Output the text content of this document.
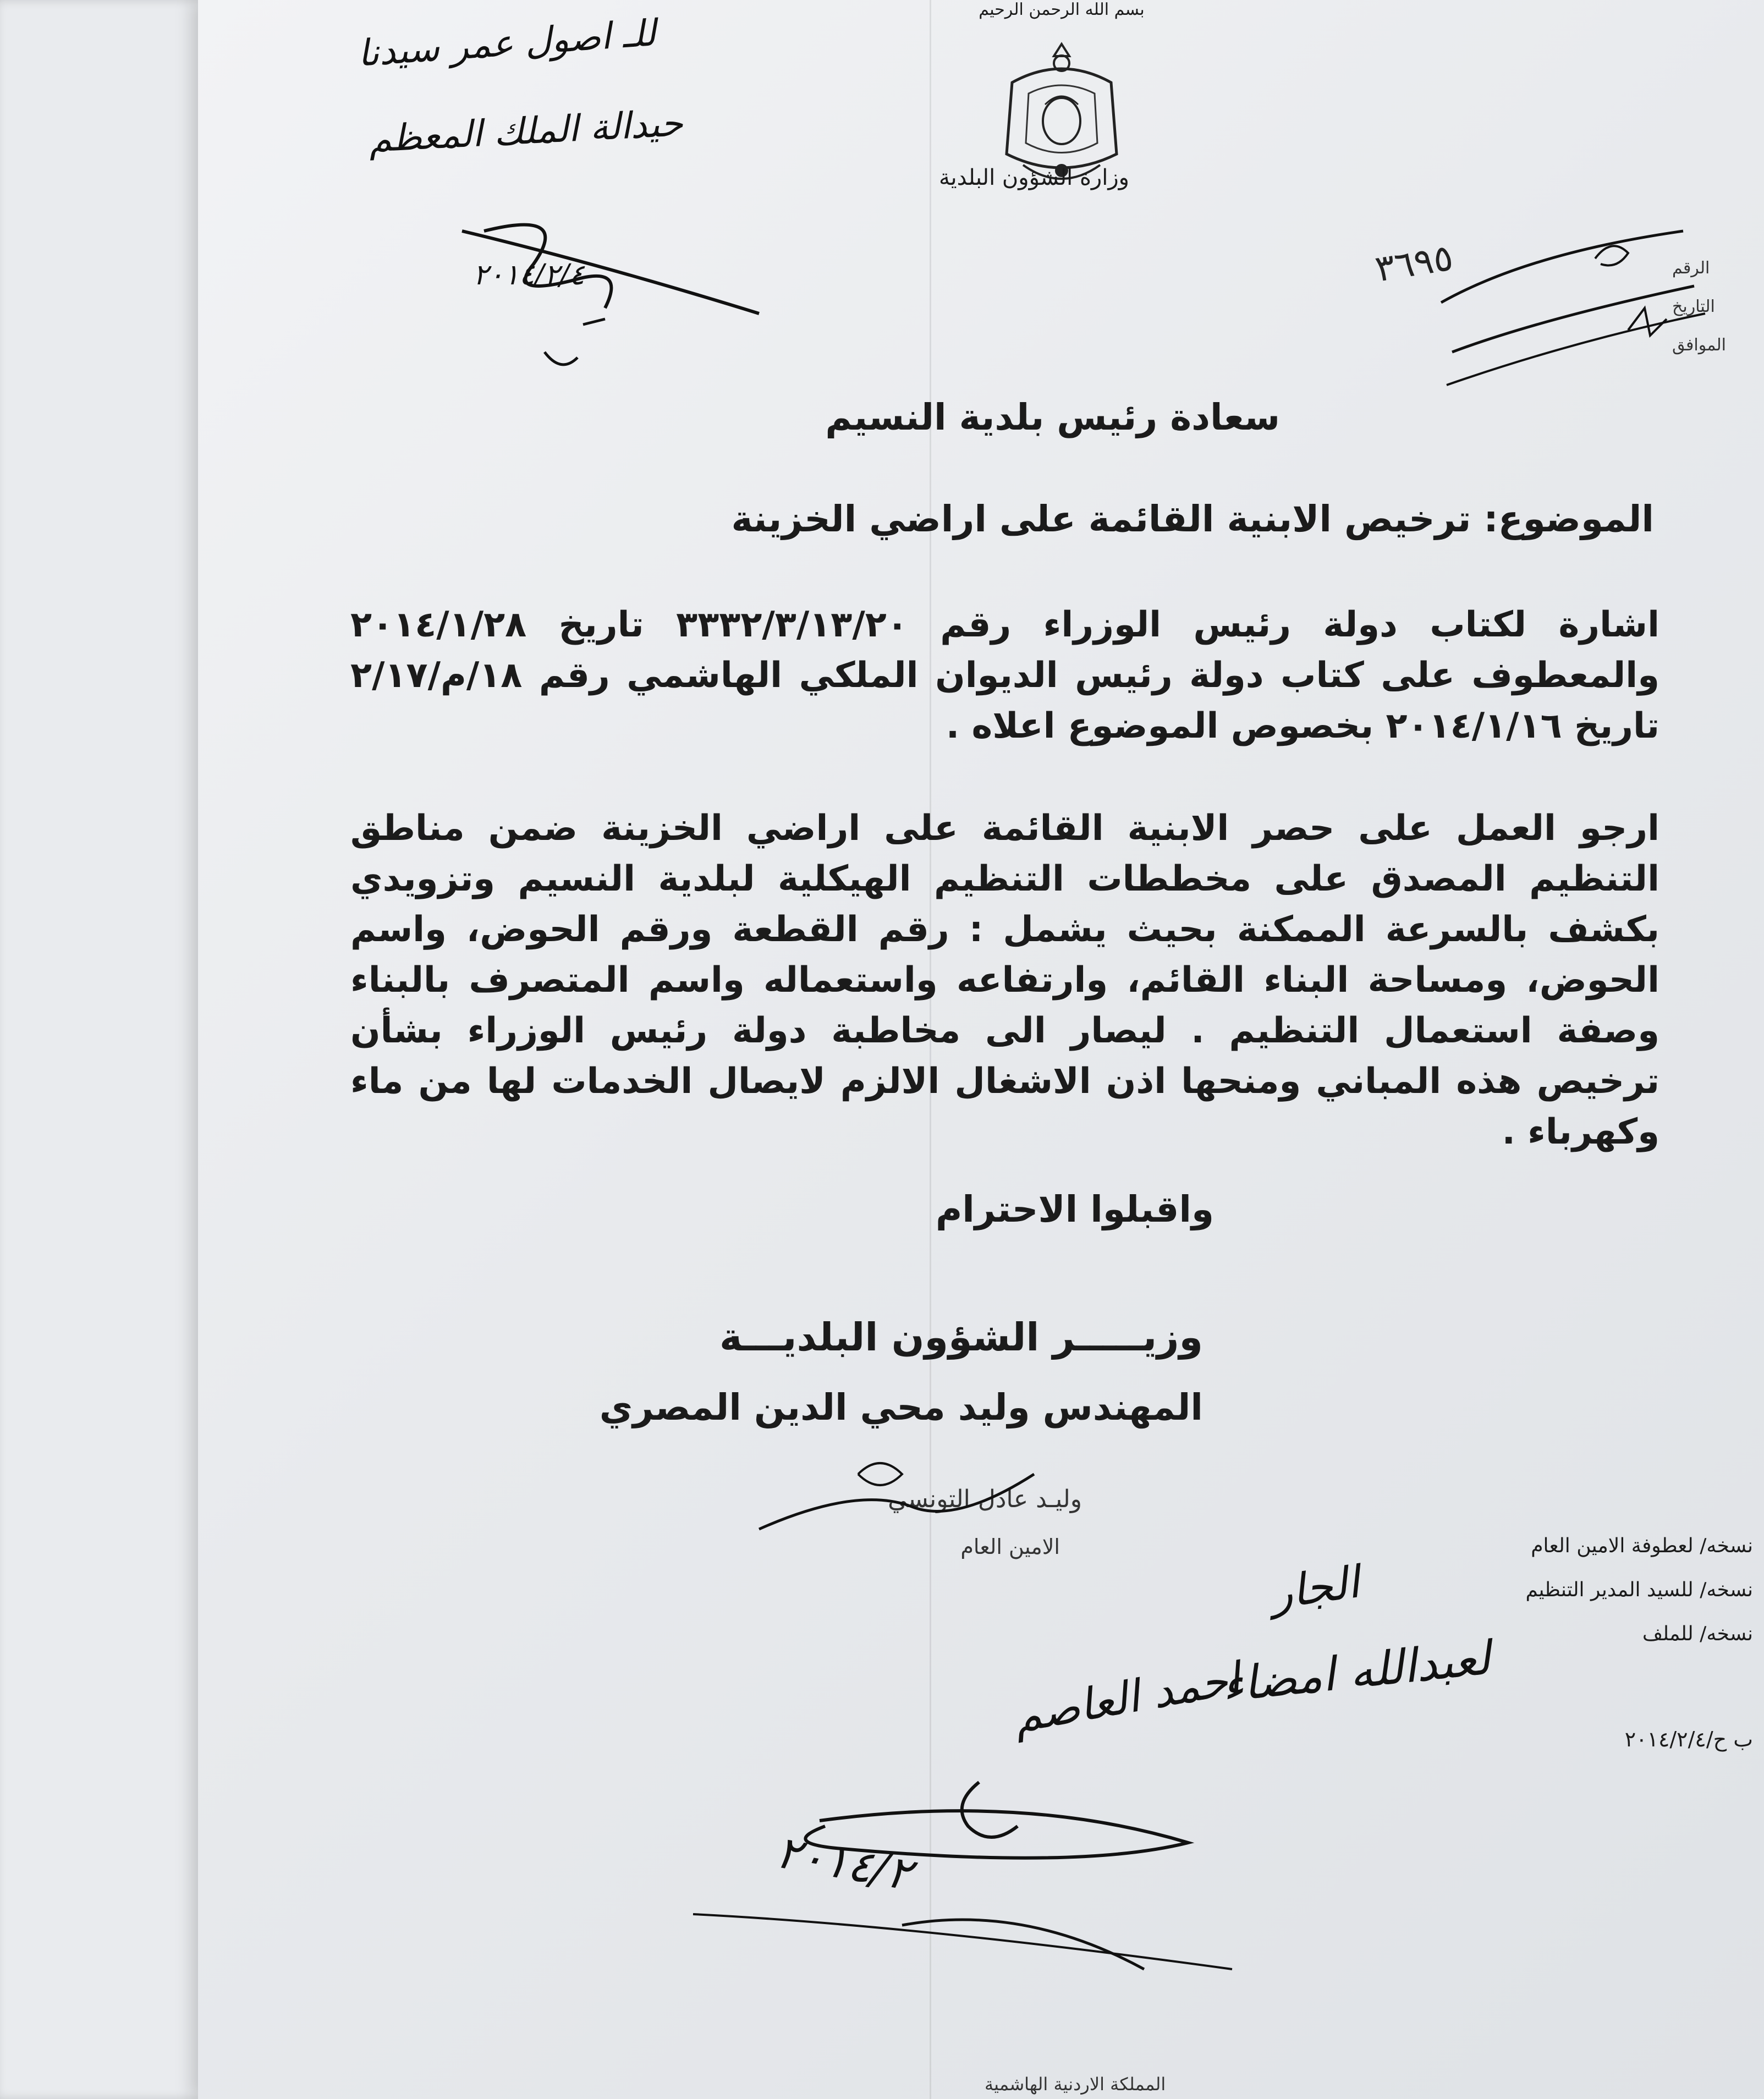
بسم الله الرحمن الرحيم
وزارة الشؤون البلدية
الرقم
التاريخ
الموافق
٣٦٩٥
للـ اصول عمر سيدنا
حيدالة الملك المعظم
٢٠١٤/٢/٤
سعادة رئيس بلدية النسيم
الموضوع: ترخيص الابنية القائمة على اراضي الخزينة
اشارة لكتاب دولة رئيس الوزراء رقم ٣٣٣٢/٣/١٣/٢٠ تاريخ ٢٠١٤/١/٢٨ والمعطوف على كتاب دولة رئيس الديوان الملكي الهاشمي رقم ١٨/م/٢/١٧ تاريخ ٢٠١٤/١/١٦ بخصوص الموضوع اعلاه .
ارجو العمل على حصر الابنية القائمة على اراضي الخزينة ضمن مناطق التنظيم المصدق على مخططات التنظيم الهيكلية لبلدية النسيم وتزويدي بكشف بالسرعة الممكنة بحيث يشمل : رقم القطعة ورقم الحوض، واسم الحوض، ومساحة البناء القائم، وارتفاعه واستعماله واسم المتصرف بالبناء وصفة استعمال التنظيم . ليصار الى مخاطبة دولة رئيس الوزراء بشأن ترخيص هذه المباني ومنحها اذن الاشغال الالزم لايصال الخدمات لها من ماء وكهرباء .
واقبلوا الاحترام
وزيـــــر الشؤون البلديـــة
المهندس وليد محي الدين المصري
وليـد عادل التونسي
الامين العام	نسخه/ لعطوفة الامين العام
نسخه/ للسيد المدير التنظيم
نسخه/ للملف
ب ح/٢٠١٤/٢/٤
الجار
لعبدالله امضاء
احمد العاصم
٢٠١٤/٢
المملكة الاردنية الهاشمية
